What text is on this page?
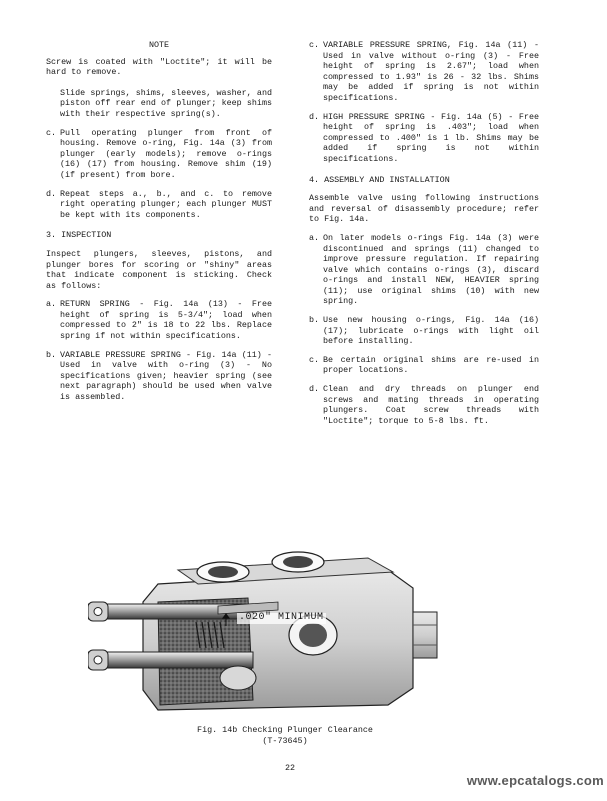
NOTE

Screw is coated with "Loctite"; it will be hard to remove.

Slide springs, shims, sleeves, washer, and piston off rear end of plunger; keep shims with their respective spring(s).

c. Pull operating plunger from front of housing. Remove o-ring, Fig. 14a (3) from plunger (early models); remove o-rings (16) (17) from housing. Remove shim (19) (if present) from bore.
d. Repeat steps a., b., and c. to remove right operating plunger; each plunger MUST be kept with its components.

3. INSPECTION

Inspect plungers, sleeves, pistons, and plunger bores for scoring or "shiny" areas that indicate component is sticking. Check as follows:

a. RETURN SPRING - Fig. 14a (13) - Free height of spring is 5-3/4"; load when compressed to 2" is 18 to 22 lbs. Replace spring if not within specifications.
b. VARIABLE PRESSURE SPRING - Fig. 14a (11) - Used in valve with o-ring (3) - No specifications given; heavier spring (see next paragraph) should be used when valve is assembled.
c. VARIABLE PRESSURE SPRING, Fig. 14a (11) - Used in valve without o-ring (3) - Free height of spring is 2.67"; load when compressed to 1.93" is 26 - 32 lbs. Shims may be added if spring is not within specifications.
d. HIGH PRESSURE SPRING - Fig. 14a (5) - Free height of spring is .403"; load when compressed to .400" is 1 lb. Shims may be added if spring is not within specifications.

4. ASSEMBLY AND INSTALLATION

Assemble valve using following instructions and reversal of disassembly procedure; refer to Fig. 14a.

a. On later models o-rings Fig. 14a (3) were discontinued and springs (11) changed to improve pressure regulation. If repairing valve which contains o-rings (3), discard o-rings and install NEW, HEAVIER spring (11); use original shims (10) with new spring.
b. Use new housing o-rings, Fig. 14a (16) (17); lubricate o-rings with light oil before installing.
c. Be certain original shims are re-used in proper locations.
d. Clean and dry threads on plunger end screws and mating threads in operating plungers. Coat screw threads with "Loctite"; torque to 5-8 lbs. ft.
.020" MINIMUM
Fig. 14b Checking Plunger Clearance
(T-73645)
22
www.epcatalogs.com
